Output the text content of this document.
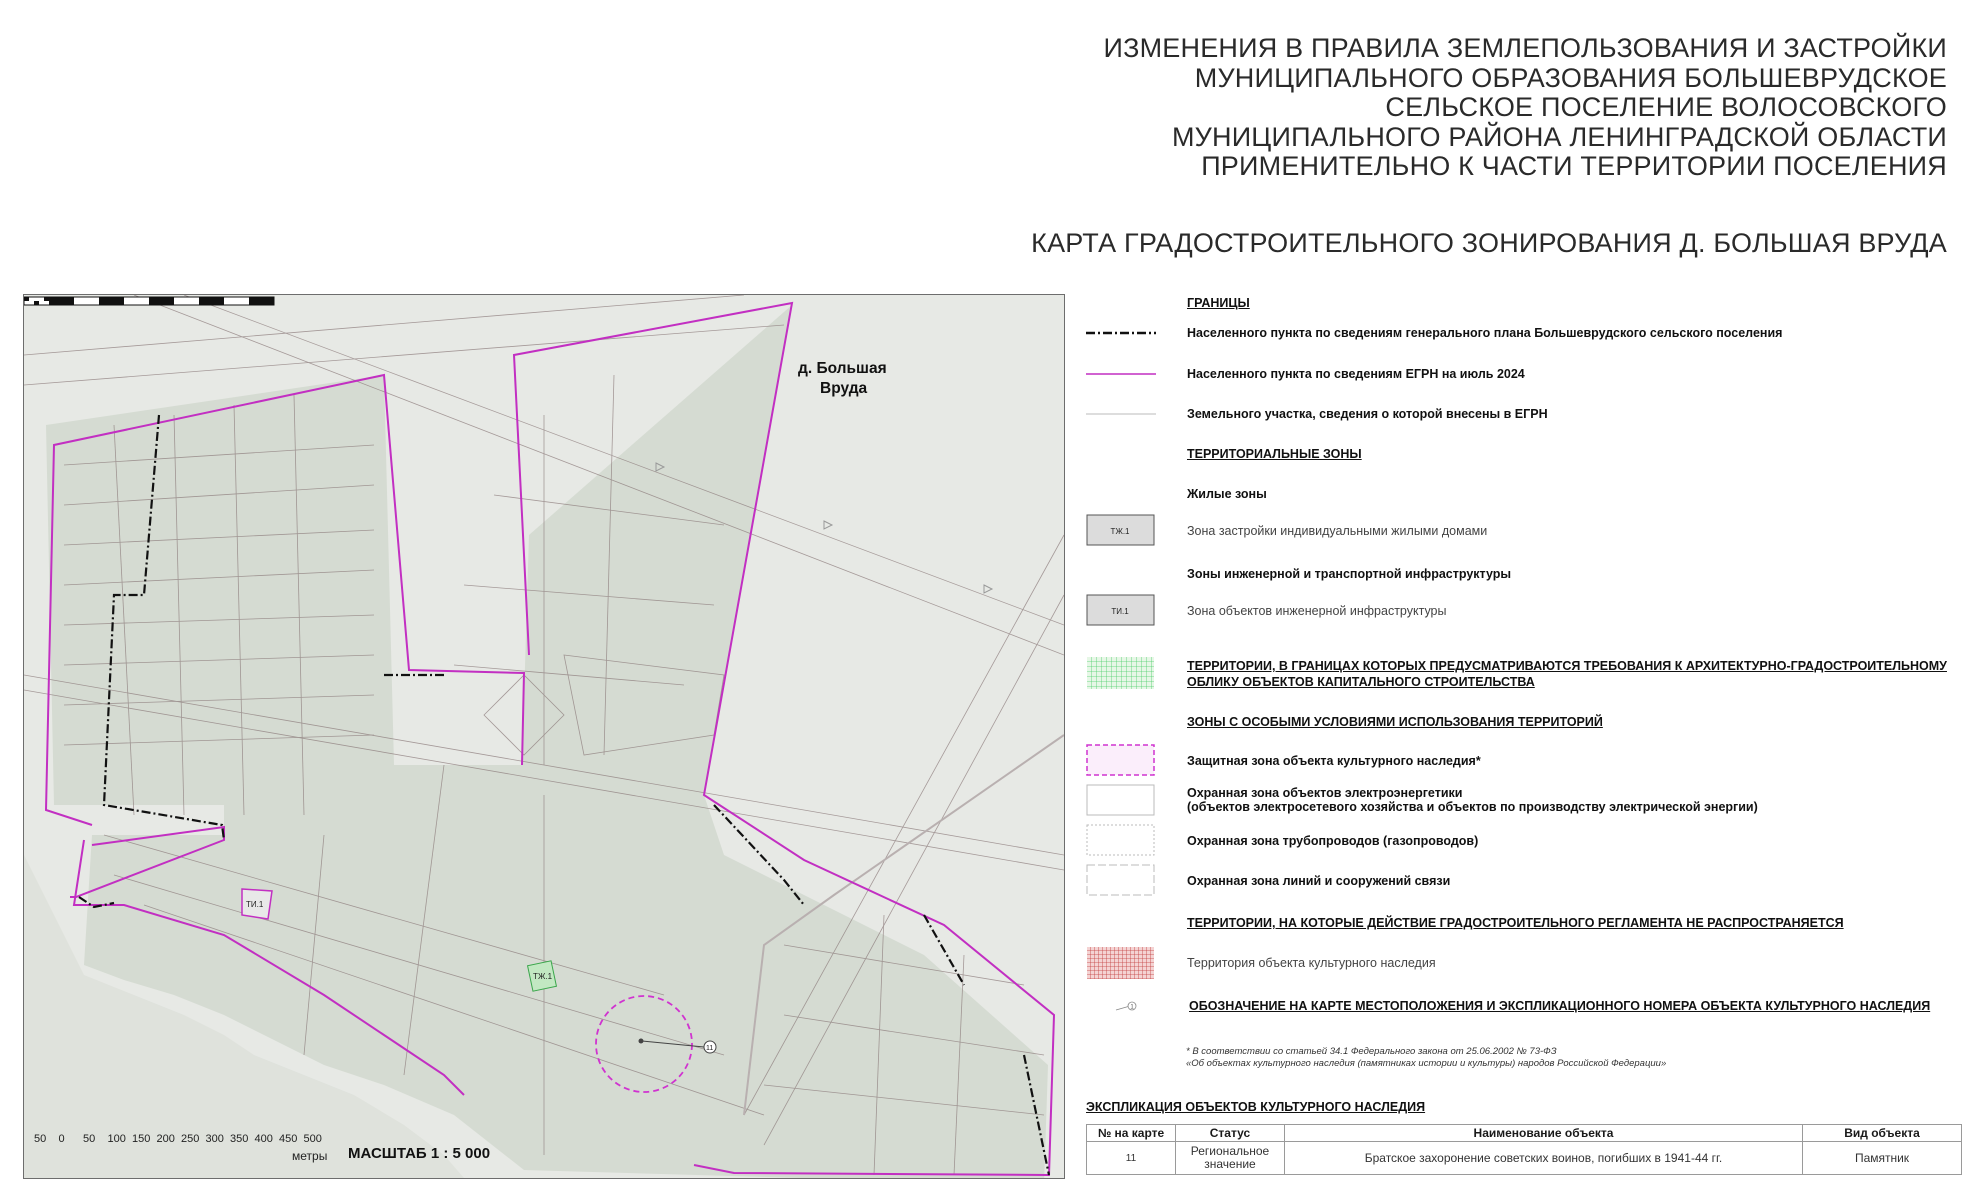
ИЗМЕНЕНИЯ В ПРАВИЛА ЗЕМЛЕПОЛЬЗОВАНИЯ И ЗАСТРОЙКИ
МУНИЦИПАЛЬНОГО ОБРАЗОВАНИЯ БОЛЬШЕВРУДСКОЕ
СЕЛЬСКОЕ ПОСЕЛЕНИЕ ВОЛОСОВСКОГО
МУНИЦИПАЛЬНОГО РАЙОНА ЛЕНИНГРАДСКОЙ ОБЛАСТИ
ПРИМЕНИТЕЛЬНО К ЧАСТИ ТЕРРИТОРИИ ПОСЕЛЕНИЯ
КАРТА ГРАДОСТРОИТЕЛЬНОГО ЗОНИРОВАНИЯ Д. БОЛЬШАЯ ВРУДА
ТИ.1
ТЖ.1
11
д. Большая
Вруда
50	0	50	100 150 200 250 300 350 400 450 500
метры МАСШТАБ 1 : 5 000
ГРАНИЦЫ
Населенного пункта по сведениям генерального плана Большеврудского сельского поселения
Населенного пункта по сведениям ЕГРН на июль 2024
Земельного участка, сведения о которой внесены в ЕГРН
ТЕРРИТОРИАЛЬНЫЕ ЗОНЫ
Жилые зоны
ТЖ.1	Зона застройки индивидуальными жилыми домами
Зоны инженерной и транспортной инфраструктуры
ТИ.1	Зона объектов инженерной инфраструктуры
ТЕРРИТОРИИ, В ГРАНИЦАХ КОТОРЫХ ПРЕДУСМАТРИВАЮТСЯ ТРЕБОВАНИЯ К АРХИТЕКТУРНО-ГРАДОСТРОИТЕЛЬНОМУ
ОБЛИКУ ОБЪЕКТОВ КАПИТАЛЬНОГО СТРОИТЕЛЬСТВА
ЗОНЫ С ОСОБЫМИ УСЛОВИЯМИ ИСПОЛЬЗОВАНИЯ ТЕРРИТОРИЙ
Защитная зона объекта культурного наследия*
Охранная зона объектов электроэнергетики
(объектов электросетевого хозяйства и объектов по производству электрической энергии)
Охранная зона трубопроводов (газопроводов)
Охранная зона линий и сооружений связи
ТЕРРИТОРИИ, НА КОТОРЫЕ ДЕЙСТВИЕ ГРАДОСТРОИТЕЛЬНОГО РЕГЛАМЕНТА НЕ РАСПРОСТРАНЯЕТСЯ
Территория объекта культурного наследия
1	ОБОЗНАЧЕНИЕ НА КАРТЕ МЕСТОПОЛОЖЕНИЯ И ЭКСПЛИКАЦИОННОГО НОМЕРА ОБЪЕКТА КУЛЬТУРНОГО НАСЛЕДИЯ
* В соответствии со статьей 34.1 Федерального закона от 25.06.2002 № 73-ФЗ
«Об объектах культурного наследия (памятниках истории и культуры) народов Российской Федерации»
ЭКСПЛИКАЦИЯ ОБЪЕКТОВ КУЛЬТУРНОГО НАСЛЕДИЯ
№ на карте	Статус	Наименование объекта	Вид объекта
11	Региональное значение	Братское захоронение советских воинов, погибших в 1941-44 гг.	Памятник
